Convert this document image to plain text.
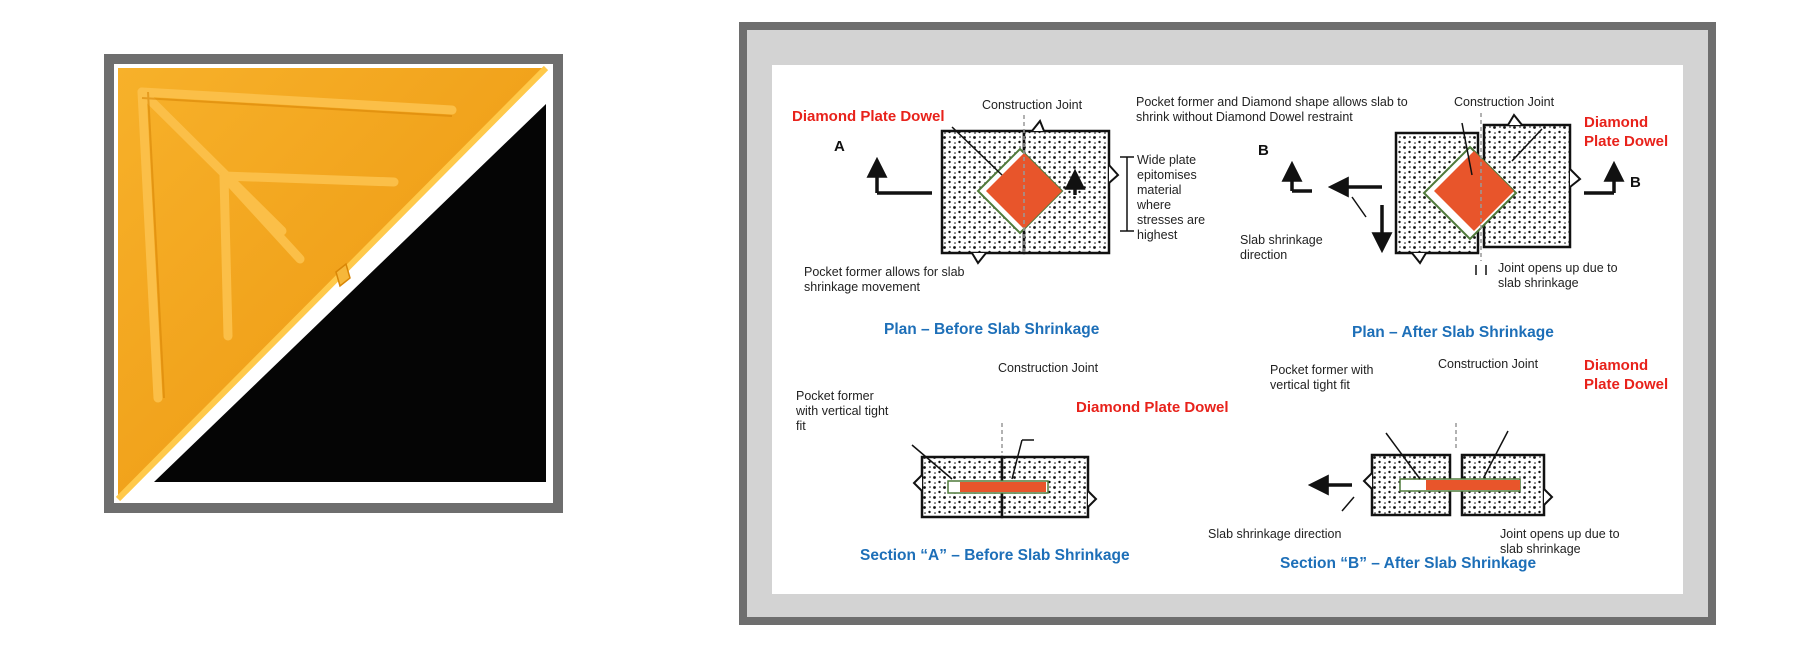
Diamond Plate Dowel
Construction Joint
A
Wide plate epitomises material where stresses are highest
Pocket former allows for slab shrinkage movement
Plan – Before Slab Shrinkage
Pocket former and Diamond shape allows slab to shrink without Diamond Dowel restraint
Construction Joint
Diamond Plate Dowel
B
B
Slab shrinkage direction
Joint opens up due to slab shrinkage
Plan – After Slab Shrinkage
Construction Joint
Pocket former with vertical tight fit
Diamond Plate Dowel
Section “A” – Before Slab Shrinkage
Pocket former with vertical tight fit
Construction Joint	Diamond Plate Dowel
Slab shrinkage direction	Joint opens up due to slab shrinkage
Section “B” – After Slab Shrinkage
